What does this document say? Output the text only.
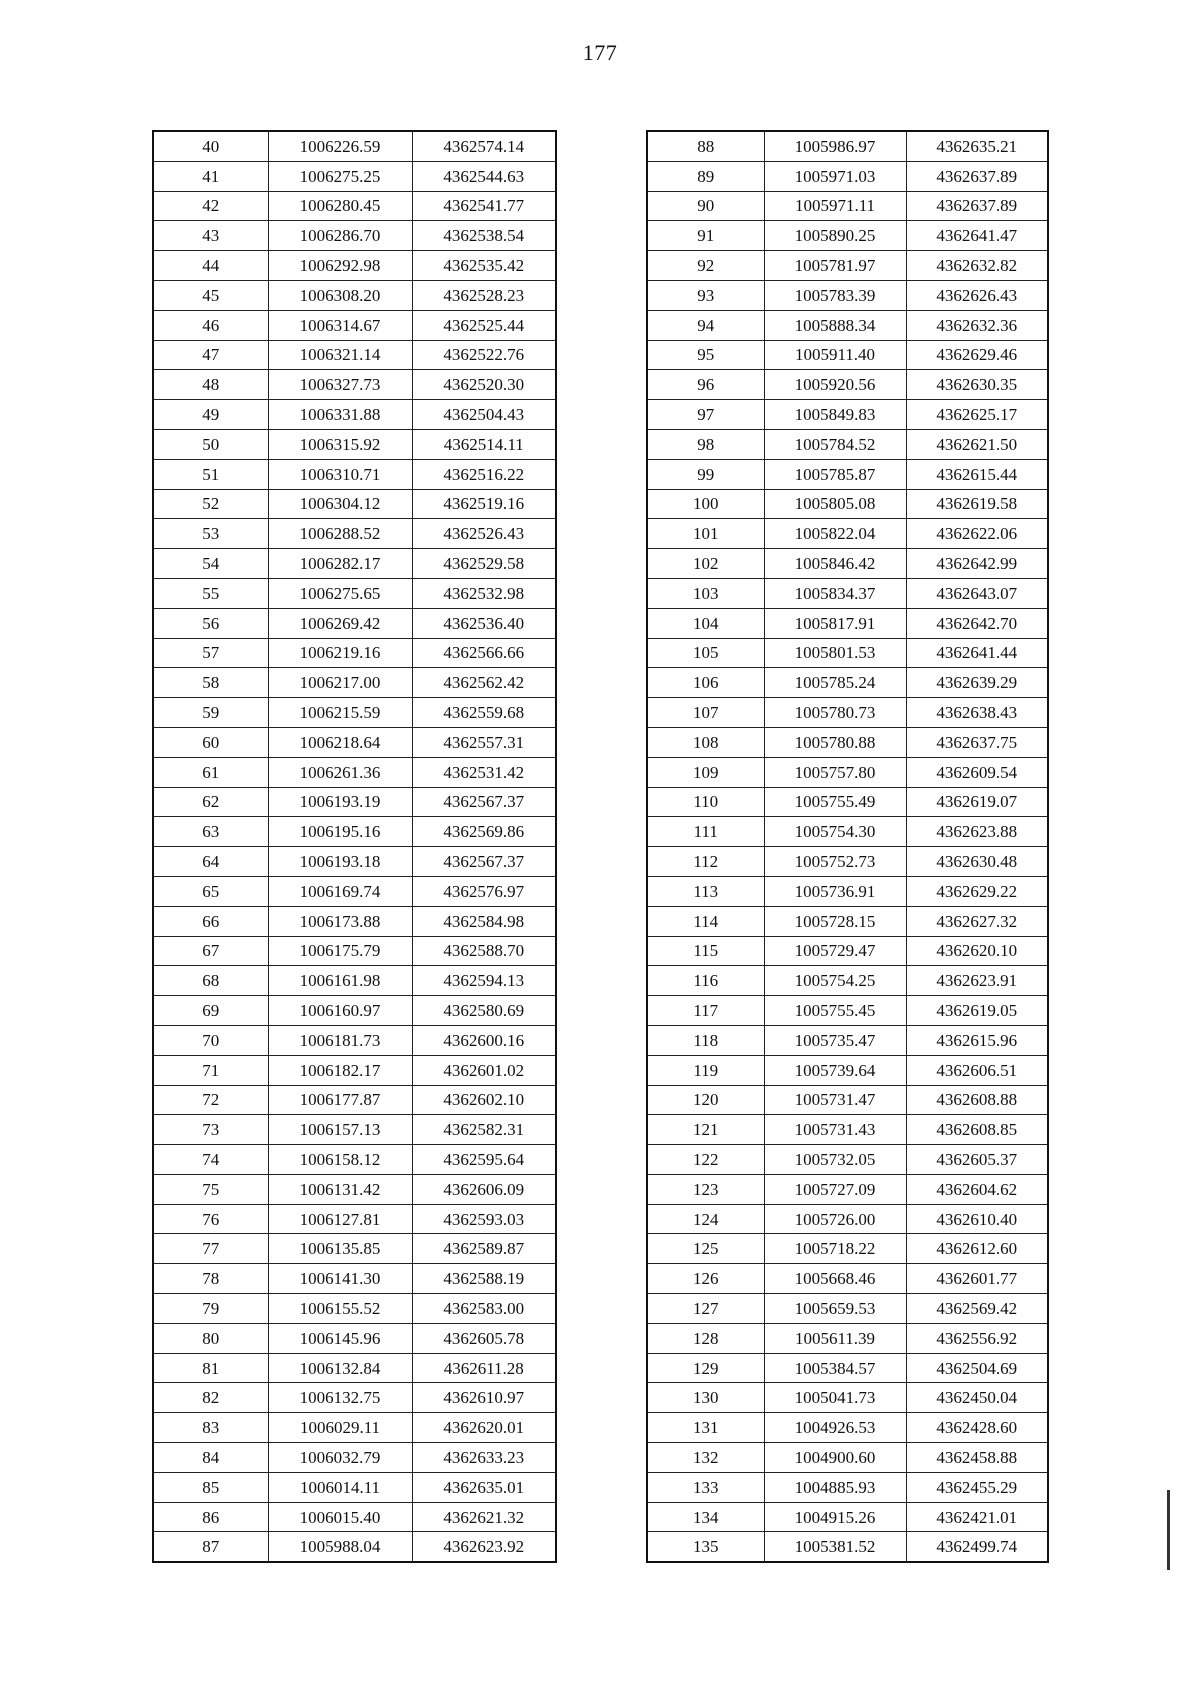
177
40	1006226.59	4362574.14
41	1006275.25	4362544.63
42	1006280.45	4362541.77
43	1006286.70	4362538.54
44	1006292.98	4362535.42
45	1006308.20	4362528.23
46	1006314.67	4362525.44
47	1006321.14	4362522.76
48	1006327.73	4362520.30
49	1006331.88	4362504.43
50	1006315.92	4362514.11
51	1006310.71	4362516.22
52	1006304.12	4362519.16
53	1006288.52	4362526.43
54	1006282.17	4362529.58
55	1006275.65	4362532.98
56	1006269.42	4362536.40
57	1006219.16	4362566.66
58	1006217.00	4362562.42
59	1006215.59	4362559.68
60	1006218.64	4362557.31
61	1006261.36	4362531.42
62	1006193.19	4362567.37
63	1006195.16	4362569.86
64	1006193.18	4362567.37
65	1006169.74	4362576.97
66	1006173.88	4362584.98
67	1006175.79	4362588.70
68	1006161.98	4362594.13
69	1006160.97	4362580.69
70	1006181.73	4362600.16
71	1006182.17	4362601.02
72	1006177.87	4362602.10
73	1006157.13	4362582.31
74	1006158.12	4362595.64
75	1006131.42	4362606.09
76	1006127.81	4362593.03
77	1006135.85	4362589.87
78	1006141.30	4362588.19
79	1006155.52	4362583.00
80	1006145.96	4362605.78
81	1006132.84	4362611.28
82	1006132.75	4362610.97
83	1006029.11	4362620.01
84	1006032.79	4362633.23
85	1006014.11	4362635.01
86	1006015.40	4362621.32
87	1005988.04	4362623.92
88	1005986.97	4362635.21
89	1005971.03	4362637.89
90	1005971.11	4362637.89
91	1005890.25	4362641.47
92	1005781.97	4362632.82
93	1005783.39	4362626.43
94	1005888.34	4362632.36
95	1005911.40	4362629.46
96	1005920.56	4362630.35
97	1005849.83	4362625.17
98	1005784.52	4362621.50
99	1005785.87	4362615.44
100	1005805.08	4362619.58
101	1005822.04	4362622.06
102	1005846.42	4362642.99
103	1005834.37	4362643.07
104	1005817.91	4362642.70
105	1005801.53	4362641.44
106	1005785.24	4362639.29
107	1005780.73	4362638.43
108	1005780.88	4362637.75
109	1005757.80	4362609.54
110	1005755.49	4362619.07
111	1005754.30	4362623.88
112	1005752.73	4362630.48
113	1005736.91	4362629.22
114	1005728.15	4362627.32
115	1005729.47	4362620.10
116	1005754.25	4362623.91
117	1005755.45	4362619.05
118	1005735.47	4362615.96
119	1005739.64	4362606.51
120	1005731.47	4362608.88
121	1005731.43	4362608.85
122	1005732.05	4362605.37
123	1005727.09	4362604.62
124	1005726.00	4362610.40
125	1005718.22	4362612.60
126	1005668.46	4362601.77
127	1005659.53	4362569.42
128	1005611.39	4362556.92
129	1005384.57	4362504.69
130	1005041.73	4362450.04
131	1004926.53	4362428.60
132	1004900.60	4362458.88
133	1004885.93	4362455.29
134	1004915.26	4362421.01
135	1005381.52	4362499.74
